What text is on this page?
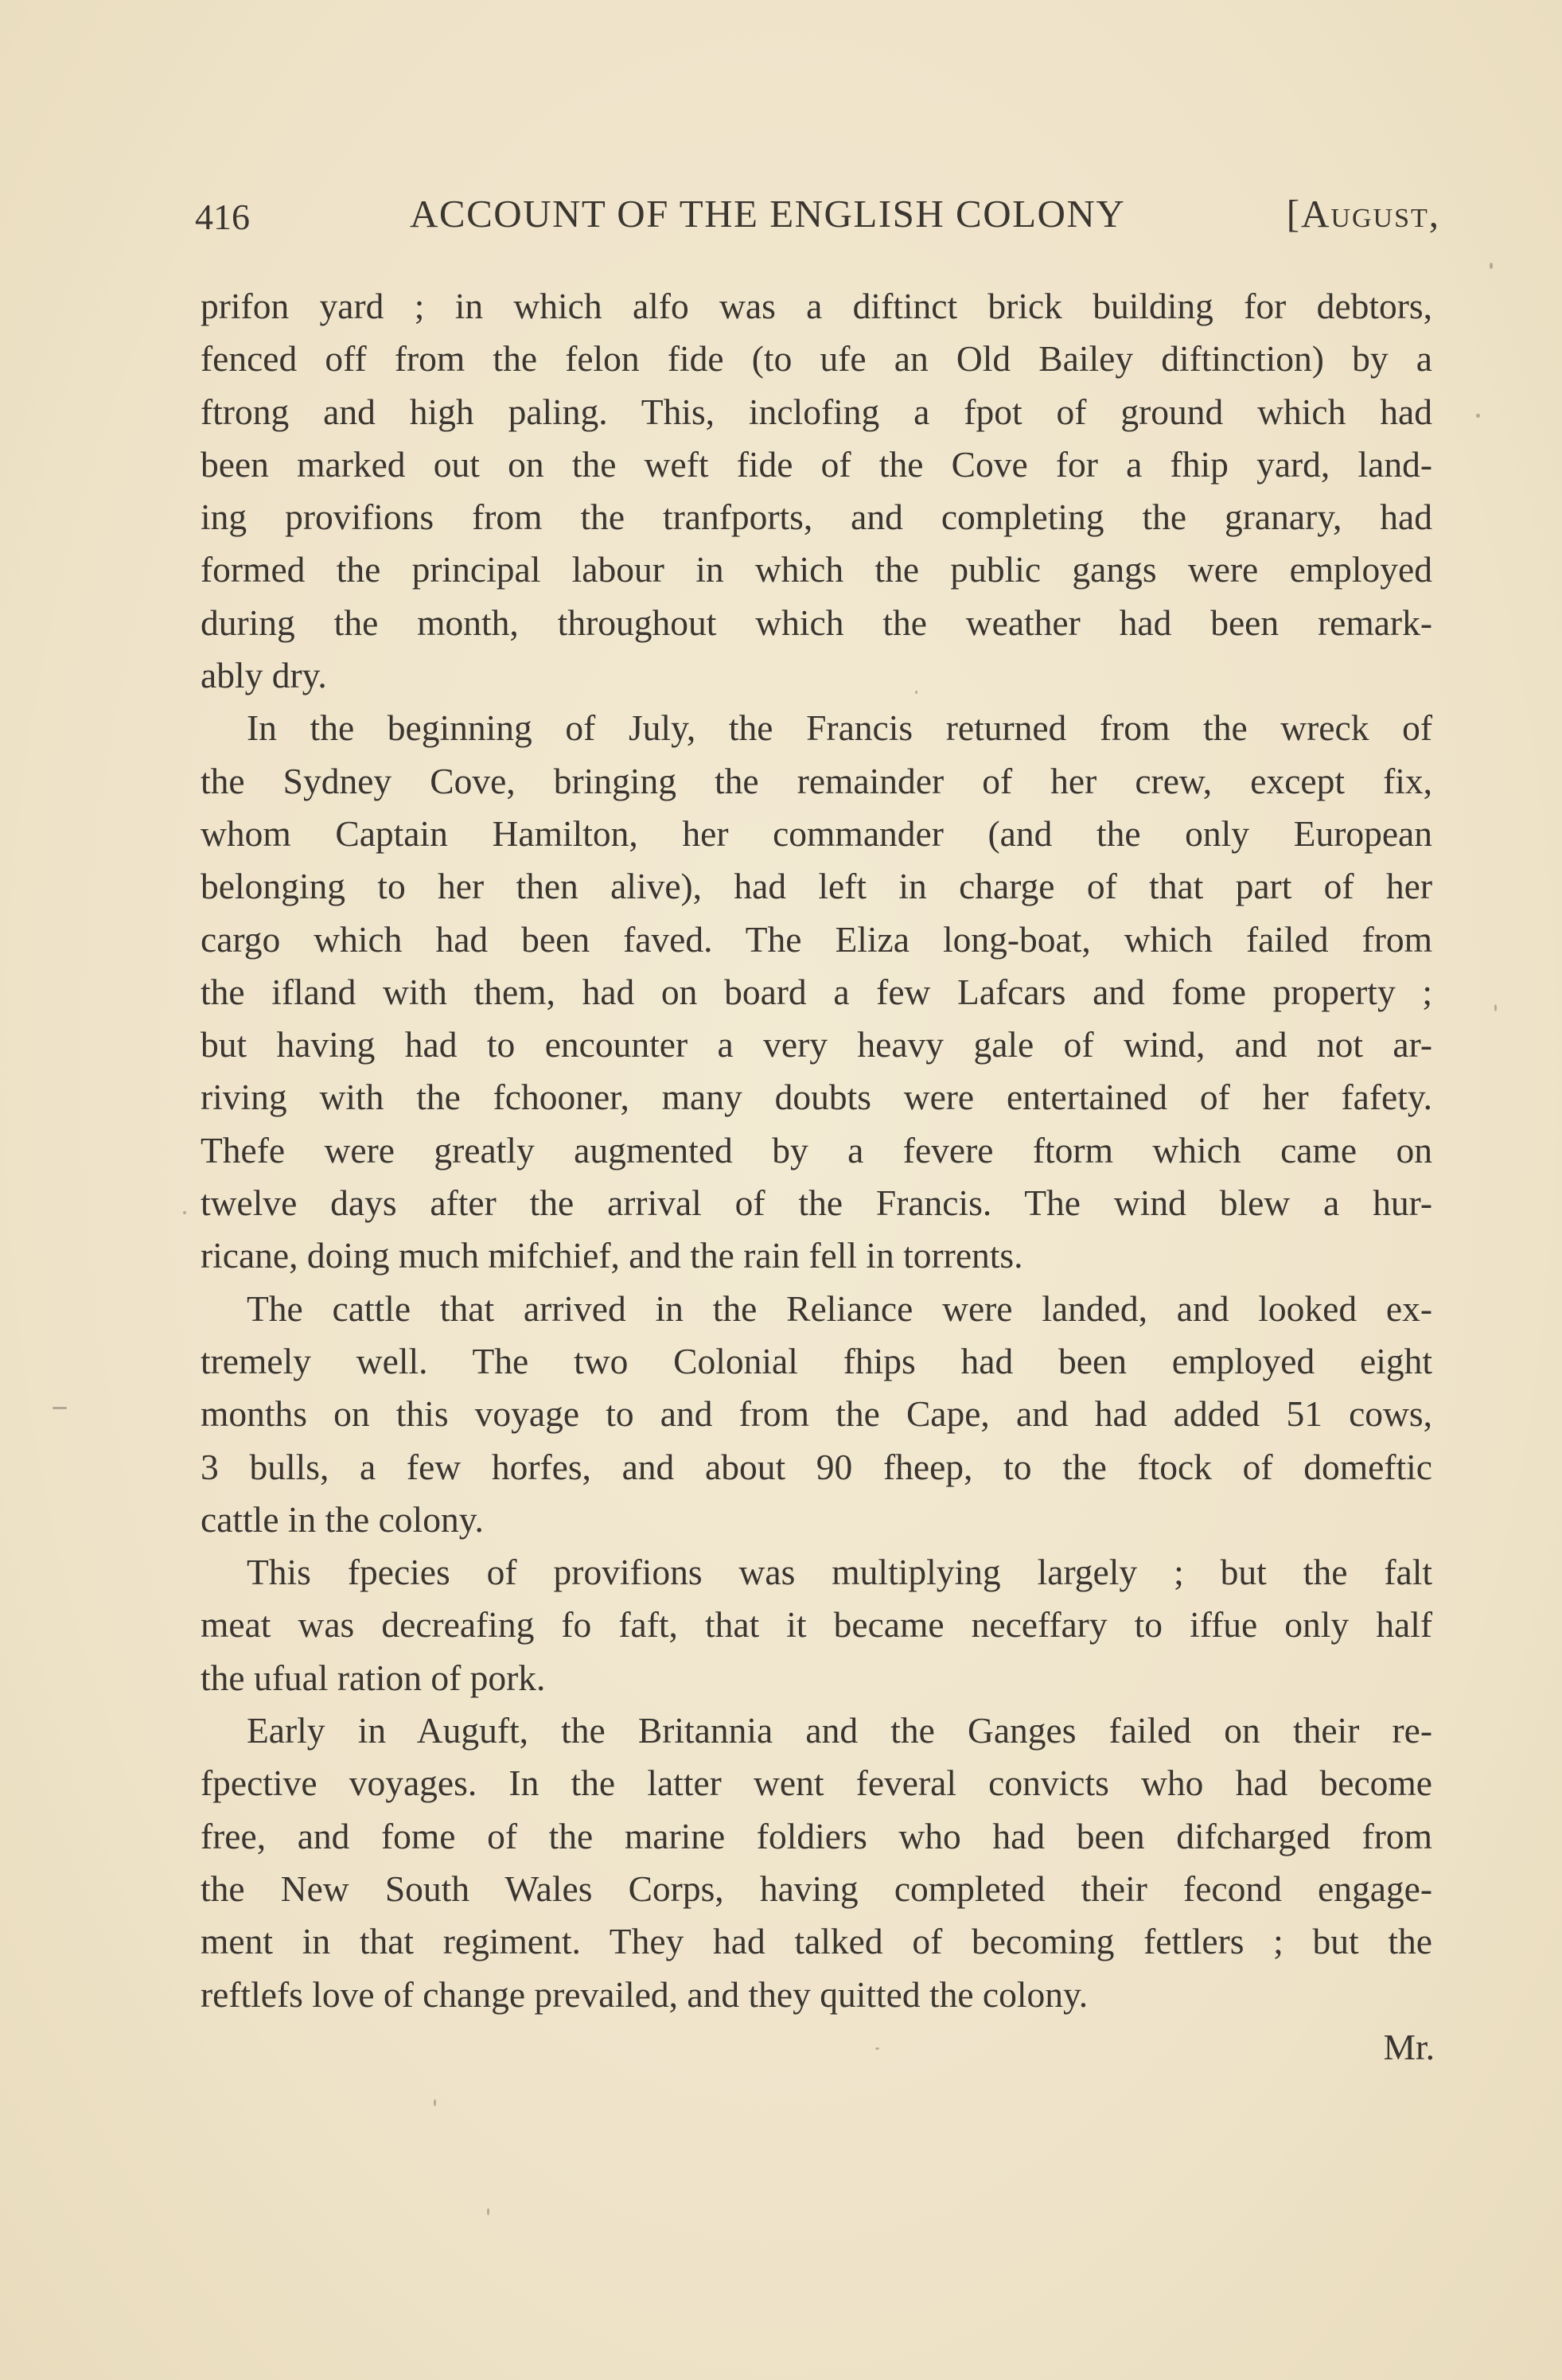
416	ACCOUNT OF THE ENGLISH COLONY	[August,
prifon yard ; in which alfo was a diftinct brick building for debtors,
fenced off from the felon fide (to ufe an Old Bailey diftinction) by a
ftrong and high paling. This, inclofing a fpot of ground which had
been marked out on the weft fide of the Cove for a fhip yard, land-
ing provifions from the tranfports, and completing the granary, had
formed the principal labour in which the public gangs were employed
during the month, throughout which the weather had been remark-
ably dry.
In the beginning of July, the Francis returned from the wreck of
the Sydney Cove, bringing the remainder of her crew, except fix,
whom Captain Hamilton, her commander (and the only European
belonging to her then alive), had left in charge of that part of her
cargo which had been faved. The Eliza long-boat, which failed from
the ifland with them, had on board a few Lafcars and fome property ;
but having had to encounter a very heavy gale of wind, and not ar-
riving with the fchooner, many doubts were entertained of her fafety.
Thefe were greatly augmented by a fevere ftorm which came on
twelve days after the arrival of the Francis. The wind blew a hur-
ricane, doing much mifchief, and the rain fell in torrents.
The cattle that arrived in the Reliance were landed, and looked ex-
tremely well. The two Colonial fhips had been employed eight
months on this voyage to and from the Cape, and had added 51 cows,
3 bulls, a few horfes, and about 90 fheep, to the ftock of domeftic
cattle in the colony.
This fpecies of provifions was multiplying largely ; but the falt
meat was decreafing fo faft, that it became neceffary to iffue only half
the ufual ration of pork.
Early in Auguft, the Britannia and the Ganges failed on their re-
fpective voyages. In the latter went feveral convicts who had become
free, and fome of the marine foldiers who had been difcharged from
the New South Wales Corps, having completed their fecond engage-
ment in that regiment. They had talked of becoming fettlers ; but the
reftlefs love of change prevailed, and they quitted the colony.
Mr.
